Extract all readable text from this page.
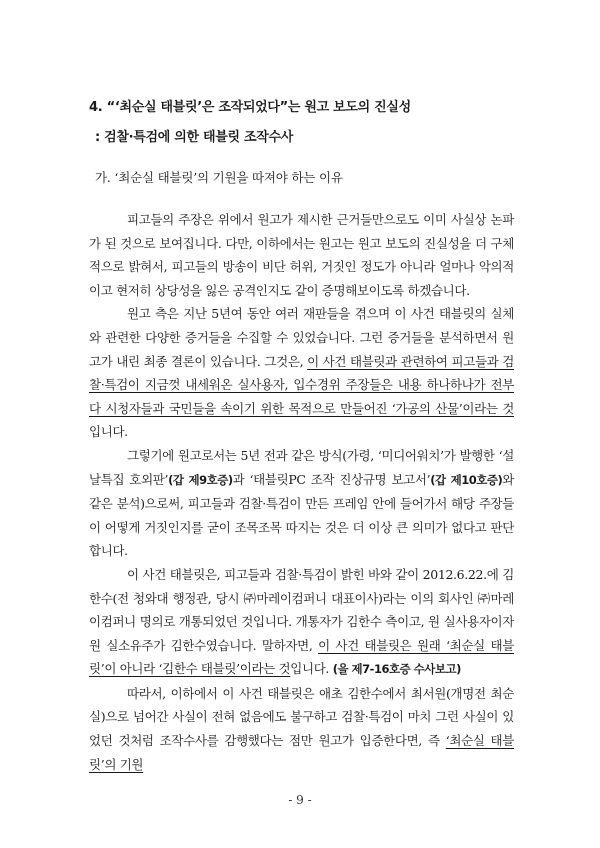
4. “‘최순실 태블릿’은 조작되었다”는 원고 보도의 진실성
: 검찰·특검에 의한 태블릿 조작수사
가. ‘최순실 태블릿’의 기원을 따져야 하는 이유

피고들의 주장은 위에서 원고가 제시한 근거들만으로도 이미 사실상 논파가 된 것으로 보여집니다. 다만, 이하에서는 원고는 원고 보도의 진실성을 더 구체적으로 밝혀서, 피고들의 방송이 비단 허위, 거짓인 정도가 아니라 얼마나 악의적이고 현저히 상당성을 잃은 공격인지도 같이 증명해보이도록 하겠습니다.

원고 측은 지난 5년여 동안 여러 재판들을 겪으며 이 사건 태블릿의 실체와 관련한 다양한 증거들을 수집할 수 있었습니다. 그런 증거들을 분석하면서 원고가 내린 최종 결론이 있습니다. 그것은, 이 사건 태블릿과 관련하여 피고들과 검찰·특검이 지금껏 내세워온 실사용자, 입수경위 주장들은 내용 하나하나가 전부 다 시청자들과 국민들을 속이기 위한 목적으로 만들어진 ‘가공의 산물’이라는 것입니다.

그렇기에 원고로서는 5년 전과 같은 방식(가령, ‘미디어워치’가 발행한 ‘설날특집 호외판’(갑 제9호증)과 ‘태블릿PC 조작 진상규명 보고서’(갑 제10호증)와 같은 분석)으로써, 피고들과 검찰·특검이 만든 프레임 안에 들어가서 해당 주장들이 어떻게 거짓인지를 굳이 조목조목 따지는 것은 더 이상 큰 의미가 없다고 판단합니다.

이 사건 태블릿은, 피고들과 검찰·특검이 밝힌 바와 같이 2012.6.22.에 김한수(전 청와대 행정관, 당시 ㈜마레이컴퍼니 대표이사)라는 이의 회사인 ㈜마레이컴퍼니 명의로 개통되었던 것입니다. 개통자가 김한수 측이고, 원 실사용자이자 원 실소유주가 김한수였습니다. 말하자면, 이 사건 태블릿은 원래 ‘최순실 태블릿’이 아니라 ‘김한수 태블릿’이라는 것입니다. (을 제7-16호증 수사보고)

따라서, 이하에서 이 사건 태블릿은 애초 김한수에서 최서원(개명전 최순실)으로 넘어간 사실이 전혀 없음에도 불구하고 검찰·특검이 마치 그런 사실이 있었던 것처럼 조작수사를 감행했다는 점만 원고가 입증한다면, 즉 ‘최순실 태블릿’의 기원

- 9 -
